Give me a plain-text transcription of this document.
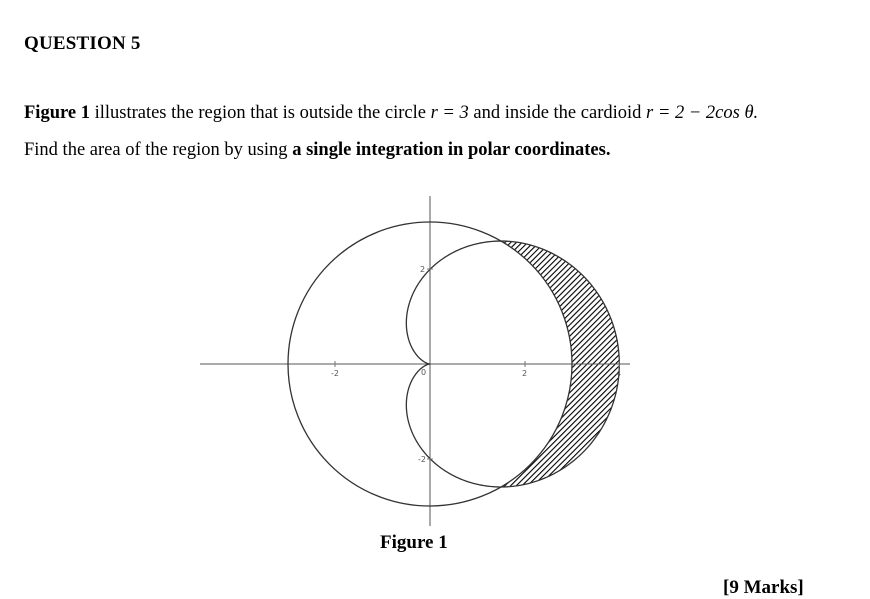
QUESTION 5
Figure 1 illustrates the region that is outside the circle r = 3 and inside the cardioid r = 2 − 2cos θ.
Find the area of the region by using a single integration in polar coordinates.
-2	0	2	4
2
-2
Figure 1
[9 Marks]
